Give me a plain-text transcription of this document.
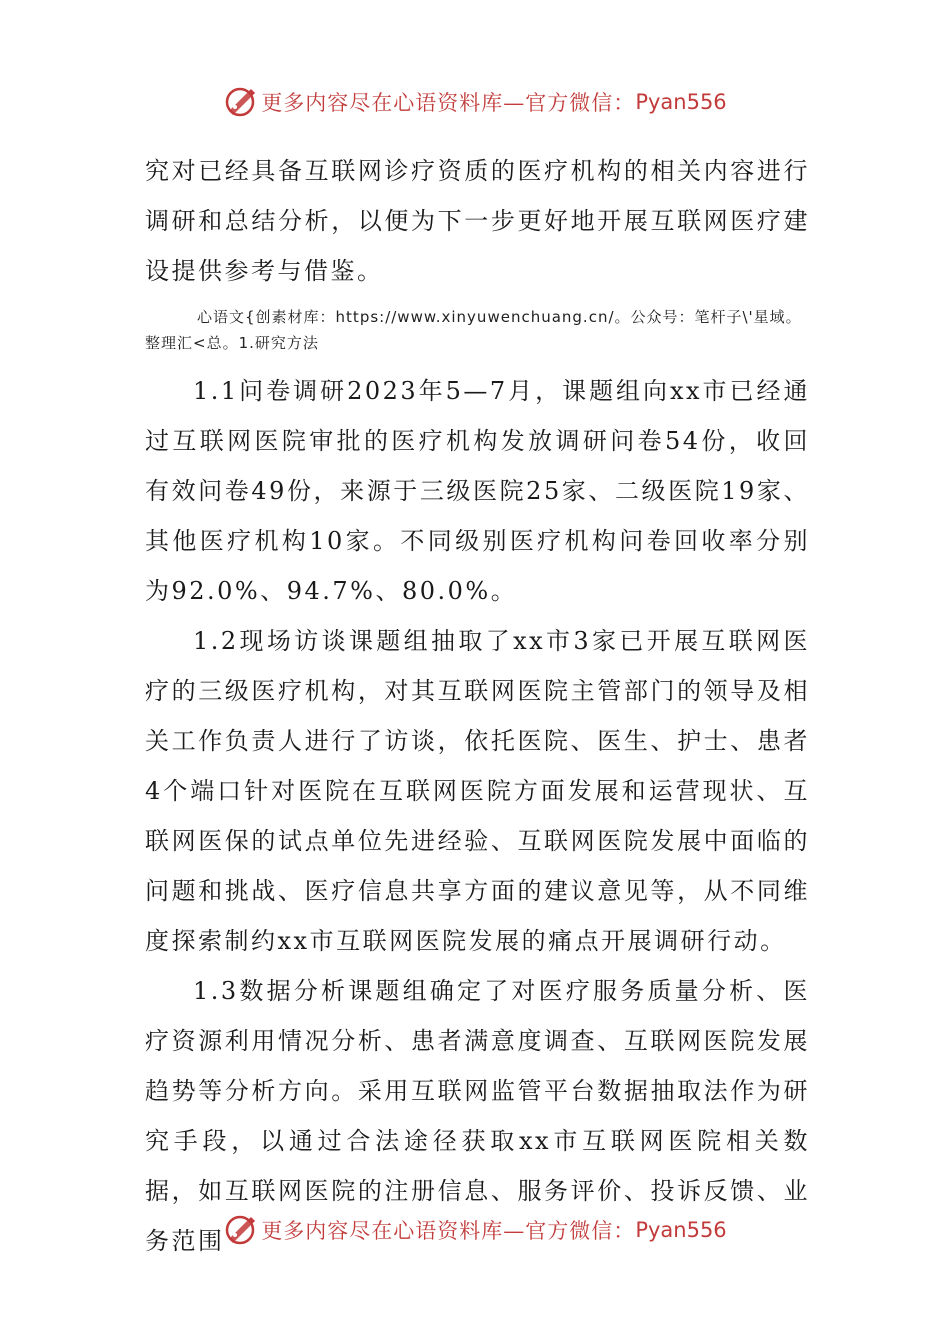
更多内容尽在心语资料库—官方微信： Pyan556

究对已经具备互联网诊疗资质的医疗机构的相关内容进行调研和总结分析，以便为下一步更好地开展互联网医疗建设提供参考与借鉴。

心语文{创素材库：https://www.xinyuwenchuang.cn/。公众号：笔杆子\'星域。整理汇<总。1.研究方法

1.1问卷调研2023年5—7月，课题组向xx市已经通过互联网医院审批的医疗机构发放调研问卷54份，收回有效问卷49份，来源于三级医院25家、二级医院19家、其他医疗机构10家。不同级别医疗机构问卷回收率分别为92.0%、94.7%、80.0%。

1.2现场访谈课题组抽取了xx市3家已开展互联网医疗的三级医疗机构，对其互联网医院主管部门的领导及相关工作负责人进行了访谈，依托医院、医生、护士、患者4个端口针对医院在互联网医院方面发展和运营现状、互联网医保的试点单位先进经验、互联网医院发展中面临的问题和挑战、医疗信息共享方面的建议意见等，从不同维度探索制约xx市互联网医院发展的痛点开展调研行动。

1.3数据分析课题组确定了对医疗服务质量分析、医疗资源利用情况分析、患者满意度调查、互联网医院发展趋势等分析方向。采用互联网监管平台数据抽取法作为研究手段，以通过合法途径获取xx市互联网医院相关数据，如互联网医院的注册信息、服务评价、投诉反馈、业务范围	更多内容尽在心语资料库—官方微信： Pyan556
